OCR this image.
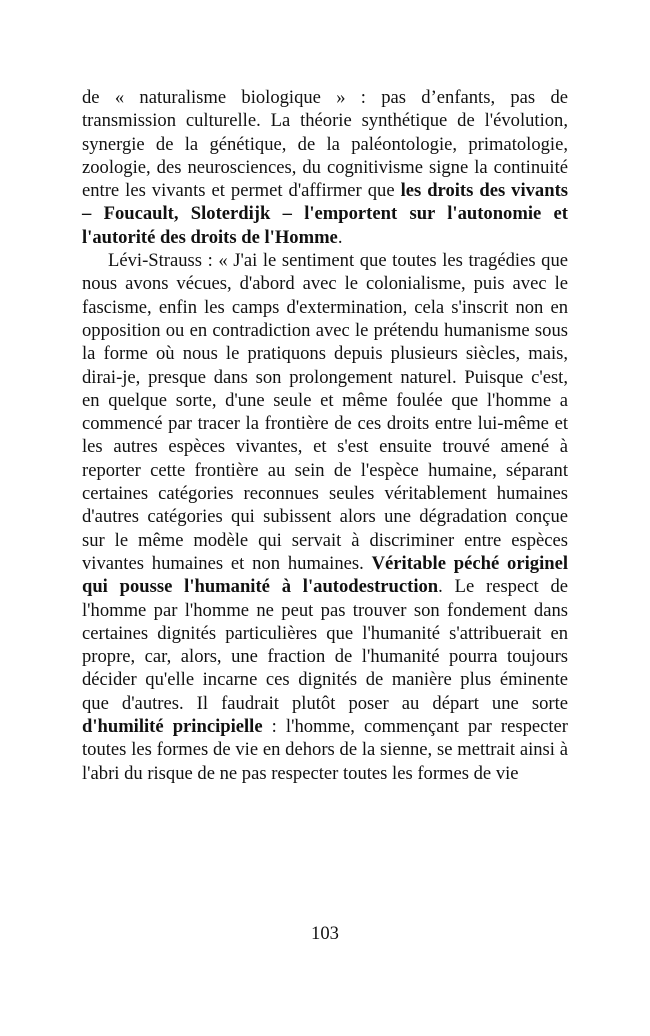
de « naturalisme biologique » : pas d’enfants, pas de transmission culturelle. La théorie synthétique de l'évolution, synergie de la génétique, de la paléontologie, primatologie, zoologie, des neurosciences, du cognitivisme signe la continuité entre les vivants et permet d'affirmer que les droits des vivants – Foucault, Sloterdijk – l'emportent sur l'autonomie et l'autorité des droits de l'Homme.

Lévi-Strauss : « J'ai le sentiment que toutes les tragédies que nous avons vécues, d'abord avec le colonialisme, puis avec le fascisme, enfin les camps d'extermination, cela s'inscrit non en opposition ou en contradiction avec le prétendu humanisme sous la forme où nous le pratiquons depuis plusieurs siècles, mais, dirai-je, presque dans son prolongement naturel. Puisque c'est, en quelque sorte, d'une seule et même foulée que l'homme a commencé par tracer la frontière de ces droits entre lui-même et les autres espèces vivantes, et s'est ensuite trouvé amené à reporter cette frontière au sein de l'espèce humaine, séparant certaines catégories reconnues seules véritablement humaines d'autres catégories qui subissent alors une dégradation conçue sur le même modèle qui servait à discriminer entre espèces vivantes humaines et non humaines. Véritable péché originel qui pousse l'humanité à l'autodestruction. Le respect de l'homme par l'homme ne peut pas trouver son fondement dans certaines dignités particulières que l'humanité s'attribuerait en propre, car, alors, une fraction de l'humanité pourra toujours décider qu'elle incarne ces dignités de manière plus éminente que d'autres. Il faudrait plutôt poser au départ une sorte d'humilité principielle : l'homme, commençant par respecter toutes les formes de vie en dehors de la sienne, se mettrait ainsi à l'abri du risque de ne pas respecter toutes les formes de vie

103
